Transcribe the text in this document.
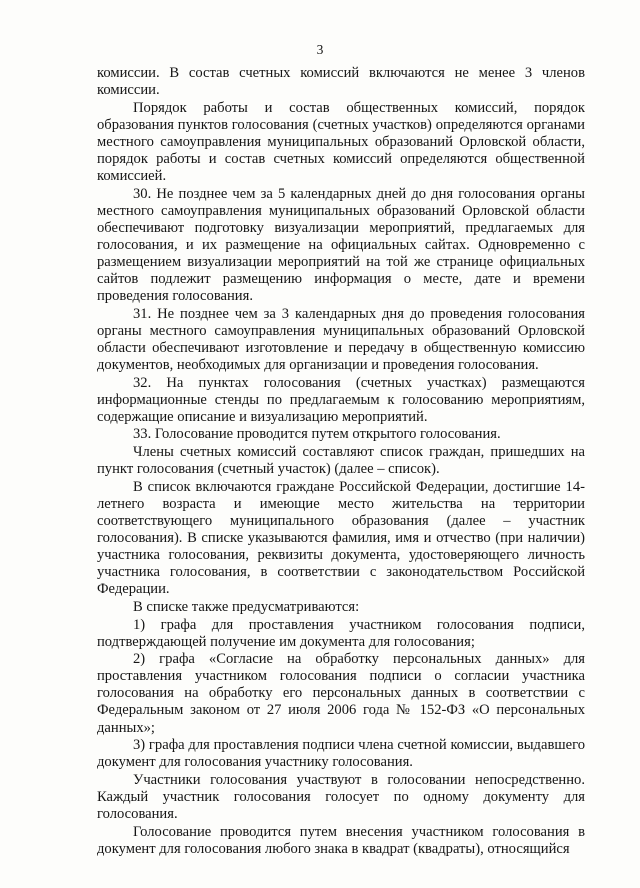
3

комиссии. В состав счетных комиссий включаются не менее 3 членов комиссии.

Порядок работы и состав общественных комиссий, порядок образования пунктов голосования (счетных участков) определяются органами местного самоуправления муниципальных образований Орловской области, порядок работы и состав счетных комиссий определяются общественной комиссией.

30. Не позднее чем за 5 календарных дней до дня голосования органы местного самоуправления муниципальных образований Орловской области обеспечивают подготовку визуализации мероприятий, предлагаемых для голосования, и их размещение на официальных сайтах. Одновременно с размещением визуализации мероприятий на той же странице официальных сайтов подлежит размещению информация о месте, дате и времени проведения голосования.

31. Не позднее чем за 3 календарных дня до проведения голосования органы местного самоуправления муниципальных образований Орловской области обеспечивают изготовление и передачу в общественную комиссию документов, необходимых для организации и проведения голосования.

32. На пунктах голосования (счетных участках) размещаются информационные стенды по предлагаемым к голосованию мероприятиям, содержащие описание и визуализацию мероприятий.

33. Голосование проводится путем открытого голосования.

Члены счетных комиссий составляют список граждан, пришедших на пункт голосования (счетный участок) (далее – список).

В список включаются граждане Российской Федерации, достигшие 14-летнего возраста и имеющие место жительства на территории соответствующего муниципального образования (далее – участник голосования). В списке указываются фамилия, имя и отчество (при наличии) участника голосования, реквизиты документа, удостоверяющего личность участника голосования, в соответствии с законодательством Российской Федерации.

В списке также предусматриваются:

1) графа для проставления участником голосования подписи, подтверждающей получение им документа для голосования;

2) графа «Согласие на обработку персональных данных» для проставления участником голосования подписи о согласии участника голосования на обработку его персональных данных в соответствии с Федеральным законом от 27 июля 2006 года № 152-ФЗ «О персональных данных»;

3) графа для проставления подписи члена счетной комиссии, выдавшего документ для голосования участнику голосования.

Участники голосования участвуют в голосовании непосредственно. Каждый участник голосования голосует по одному документу для голосования.

Голосование проводится путем внесения участником голосования в документ для голосования любого знака в квадрат (квадраты), относящийся
